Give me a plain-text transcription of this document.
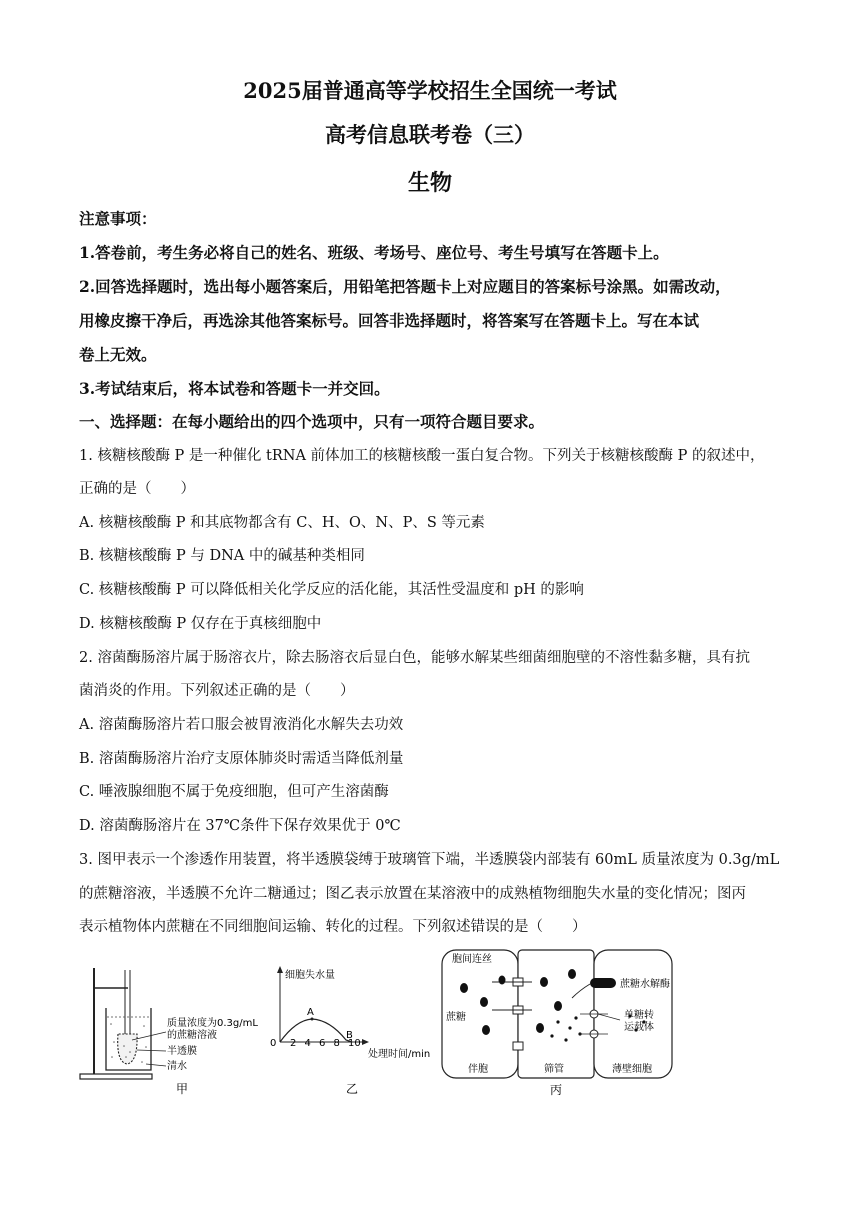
2025届普通高等学校招生全国统一考试
高考信息联考卷（三）
生物
注意事项：
1.答卷前，考生务必将自己的姓名、班级、考场号、座位号、考生号填写在答题卡上。
2.回答选择题时，选出每小题答案后，用铅笔把答题卡上对应题目的答案标号涂黑。如需改动，
用橡皮擦干净后，再选涂其他答案标号。回答非选择题时，将答案写在答题卡上。写在本试
卷上无效。
3.考试结束后，将本试卷和答题卡一并交回。
一、选择题：在每小题给出的四个选项中，只有一项符合题目要求。
1. 核糖核酸酶 P 是一种催化 tRNA 前体加工的核糖核酸一蛋白复合物。下列关于核糖核酸酶 P 的叙述中，
正确的是（　　）
A. 核糖核酸酶 P 和其底物都含有 C、H、O、N、P、S 等元素
B. 核糖核酸酶 P 与 DNA 中的碱基种类相同
C. 核糖核酸酶 P 可以降低相关化学反应的活化能，其活性受温度和 pH 的影响
D. 核糖核酸酶 P 仅存在于真核细胞中
2. 溶菌酶肠溶片属于肠溶衣片，除去肠溶衣后显白色，能够水解某些细菌细胞壁的不溶性黏多糖，具有抗
菌消炎的作用。下列叙述正确的是（　　）
A. 溶菌酶肠溶片若口服会被胃液消化水解失去功效
B. 溶菌酶肠溶片治疗支原体肺炎时需适当降低剂量
C. 唾液腺细胞不属于免疫细胞，但可产生溶菌酶
D. 溶菌酶肠溶片在 37℃条件下保存效果优于 0℃
3. 图甲表示一个渗透作用装置，将半透膜袋缚于玻璃管下端，半透膜袋内部装有 60mL 质量浓度为 0.3g/mL
的蔗糖溶液，半透膜不允许二糖通过；图乙表示放置在某溶液中的成熟植物细胞失水量的变化情况；图丙
表示植物体内蔗糖在不同细胞间运输、转化的过程。下列叙述错误的是（　　）
质量浓度为0.3g/mL
的蔗糖溶液
半透膜
清水
甲
细胞失水量
处理时间/min
0 2 4 6 8 10
A
B
乙
胞间连丝
蔗糖
蔗糖水解酶
单糖转
运载体
伴胞	筛管	薄壁细胞
丙
